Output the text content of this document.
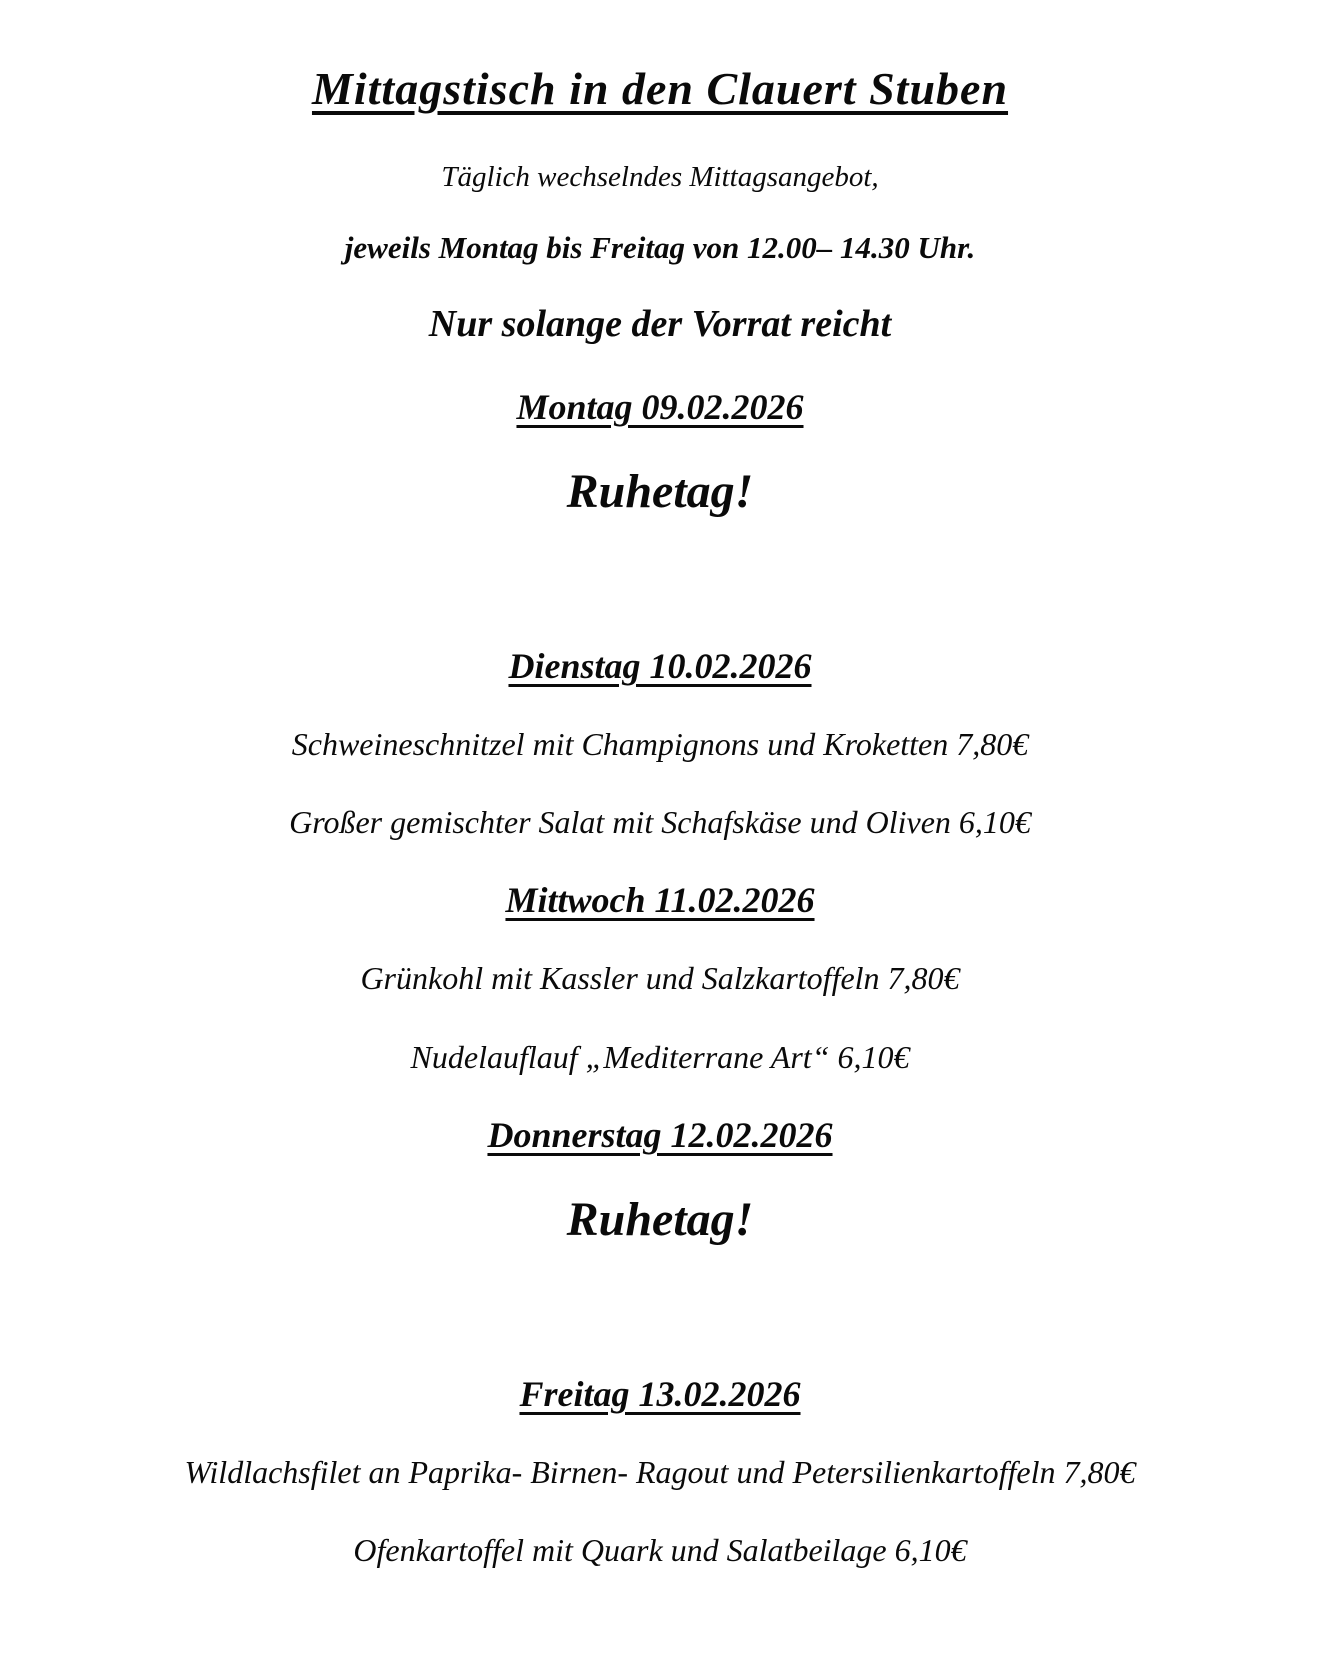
Mittagstisch in den Clauert Stuben

Täglich wechselndes Mittagsangebot,

jeweils Montag bis Freitag von 12.00– 14.30 Uhr.

Nur solange der Vorrat reicht

Montag 09.02.2026

Ruhetag!

Dienstag 10.02.2026

Schweineschnitzel mit Champignons und Kroketten 7,80€

Großer gemischter Salat mit Schafskäse und Oliven 6,10€

Mittwoch 11.02.2026

Grünkohl mit Kassler und Salzkartoffeln 7,80€

Nudelauflauf „Mediterrane Art“ 6,10€

Donnerstag 12.02.2026

Ruhetag!

Freitag 13.02.2026

Wildlachsfilet an Paprika- Birnen- Ragout und Petersilienkartoffeln 7,80€

Ofenkartoffel mit Quark und Salatbeilage 6,10€
